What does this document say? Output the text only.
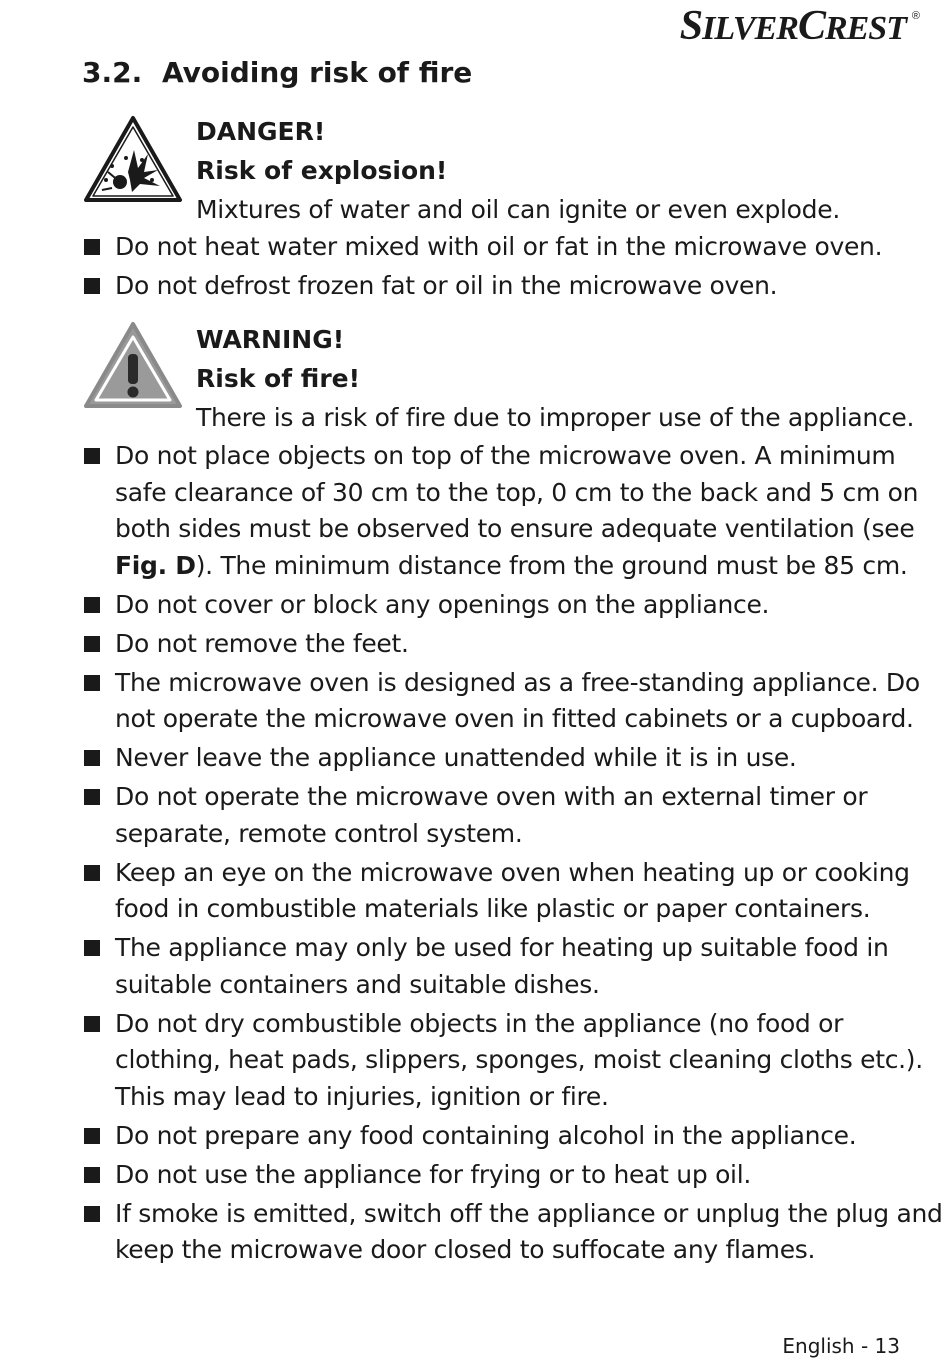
SILVERCREST ®
3.2. Avoiding risk of fire
DANGER!
Risk of explosion!
Mixtures of water and oil can ignite or even explode.
Do not heat water mixed with oil or fat in the microwave oven.
Do not defrost frozen fat or oil in the microwave oven.
WARNING!
Risk of fire!
There is a risk of fire due to improper use of the appliance.
Do not place objects on top of the microwave oven. A minimum
safe clearance of 30 cm to the top, 0 cm to the back and 5 cm on
both sides must be observed to ensure adequate ventilation (see
Fig. D). The minimum distance from the ground must be 85 cm.
Do not cover or block any openings on the appliance.
Do not remove the feet.
The microwave oven is designed as a free-standing appliance. Do
not operate the microwave oven in fitted cabinets or a cupboard.
Never leave the appliance unattended while it is in use.
Do not operate the microwave oven with an external timer or
separate, remote control system.
Keep an eye on the microwave oven when heating up or cooking
food in combustible materials like plastic or paper containers.
The appliance may only be used for heating up suitable food in
suitable containers and suitable dishes.
Do not dry combustible objects in the appliance (no food or
clothing, heat pads, slippers, sponges, moist cleaning cloths etc.).
This may lead to injuries, ignition or fire.
Do not prepare any food containing alcohol in the appliance.
Do not use the appliance for frying or to heat up oil.
If smoke is emitted, switch off the appliance or unplug the plug and
keep the microwave door closed to suffocate any flames.
English - 13
